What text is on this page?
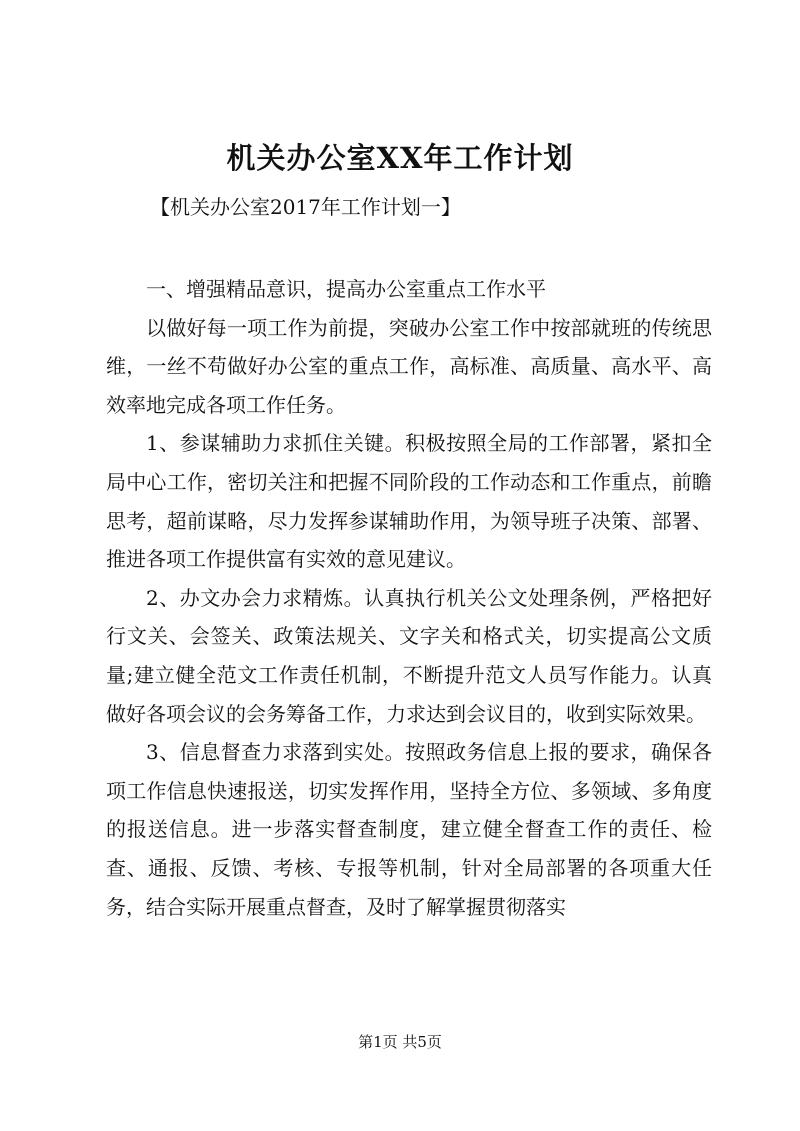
机关办公室XX年工作计划
【机关办公室2017年工作计划一】

一、增强精品意识，提高办公室重点工作水平

以做好每一项工作为前提，突破办公室工作中按部就班的传统思维，一丝不苟做好办公室的重点工作，高标准、高质量、高水平、高效率地完成各项工作任务。

1、参谋辅助力求抓住关键。积极按照全局的工作部署，紧扣全局中心工作，密切关注和把握不同阶段的工作动态和工作重点，前瞻思考，超前谋略，尽力发挥参谋辅助作用，为领导班子决策、部署、推进各项工作提供富有实效的意见建议。

2、办文办会力求精炼。认真执行机关公文处理条例，严格把好行文关、会签关、政策法规关、文字关和格式关，切实提高公文质量;建立健全范文工作责任机制，不断提升范文人员写作能力。认真做好各项会议的会务筹备工作，力求达到会议目的，收到实际效果。

3、信息督查力求落到实处。按照政务信息上报的要求，确保各项工作信息快速报送，切实发挥作用，坚持全方位、多领域、多角度的报送信息。进一步落实督查制度，建立健全督查工作的责任、检查、通报、反馈、考核、专报等机制，针对全局部署的各项重大任务，结合实际开展重点督查，及时了解掌握贯彻落实

第1页 共5页
